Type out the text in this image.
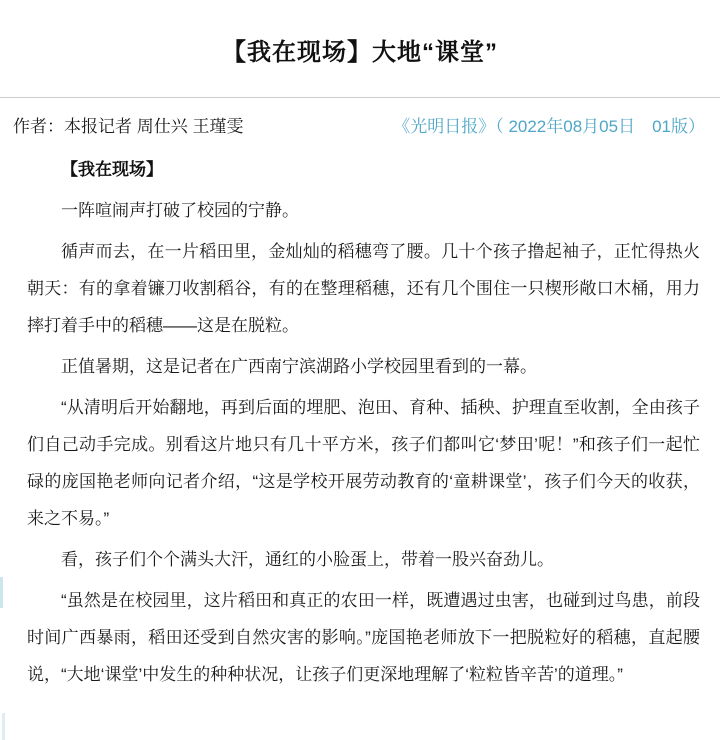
【我在现场】大地“课堂”
作者：本报记者 周仕兴 王瑾雯	《光明日报》（ 2022年08月05日　01版）

【我在现场】

一阵喧闹声打破了校园的宁静。

循声而去，在一片稻田里，金灿灿的稻穗弯了腰。几十个孩子撸起袖子，正忙得热火朝天：有的拿着镰刀收割稻谷，有的在整理稻穗，还有几个围住一只楔形敞口木桶，用力摔打着手中的稻穗——这是在脱粒。

正值暑期，这是记者在广西南宁滨湖路小学校园里看到的一幕。

“从清明后开始翻地，再到后面的埋肥、泡田、育种、插秧、护理直至收割，全由孩子们自己动手完成。别看这片地只有几十平方米，孩子们都叫它‘梦田’呢！”和孩子们一起忙碌的庞国艳老师向记者介绍，“这是学校开展劳动教育的‘童耕课堂’，孩子们今天的收获，来之不易。”

看，孩子们个个满头大汗，通红的小脸蛋上，带着一股兴奋劲儿。

“虽然是在校园里，这片稻田和真正的农田一样，既遭遇过虫害，也碰到过鸟患，前段时间广西暴雨，稻田还受到自然灾害的影响。”庞国艳老师放下一把脱粒好的稻穗，直起腰说，“大地‘课堂’中发生的种种状况，让孩子们更深地理解了‘粒粒皆辛苦’的道理。”
